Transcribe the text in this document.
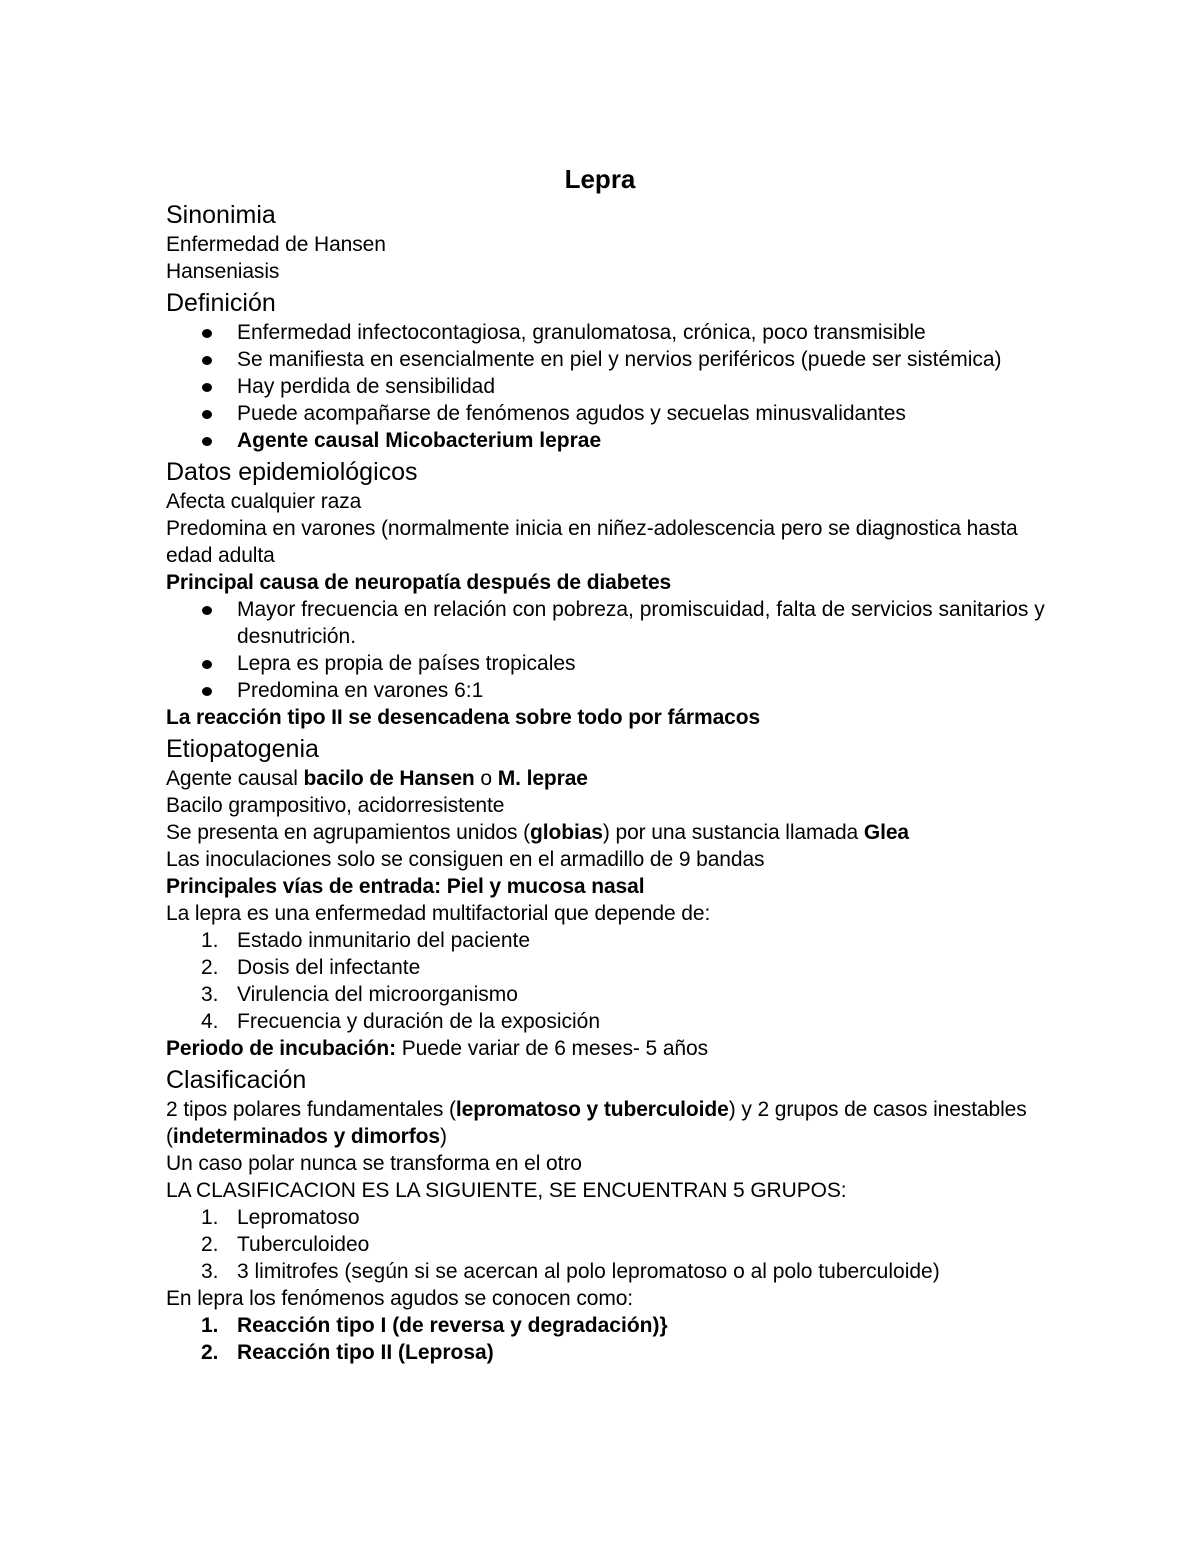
Lepra
Sinonimia
Enfermedad de Hansen
Hanseniasis
Definición
Enfermedad infectocontagiosa, granulomatosa, crónica, poco transmisible
Se manifiesta en esencialmente en piel y nervios periféricos (puede ser sistémica)
Hay perdida de sensibilidad
Puede acompañarse de fenómenos agudos y secuelas minusvalidantes
Agente causal Micobacterium leprae
Datos epidemiológicos
Afecta cualquier raza
Predomina en varones (normalmente inicia en niñez-adolescencia pero se diagnostica hasta edad adulta
Principal causa de neuropatía después de diabetes
Mayor frecuencia en relación con pobreza, promiscuidad, falta de servicios sanitarios y desnutrición.
Lepra es propia de países tropicales
Predomina en varones 6:1
La reacción tipo II se desencadena sobre todo por fármacos
Etiopatogenia
Agente causal bacilo de Hansen o M. leprae
Bacilo grampositivo, acidorresistente
Se presenta en agrupamientos unidos (globias) por una sustancia llamada Glea
Las inoculaciones solo se consiguen en el armadillo de 9 bandas
Principales vías de entrada: Piel y mucosa nasal
La lepra es una enfermedad multifactorial que depende de:
1. Estado inmunitario del paciente
2. Dosis del infectante
3. Virulencia del microorganismo
4. Frecuencia y duración de la exposición
Periodo de incubación: Puede variar de 6 meses- 5 años
Clasificación
2 tipos polares fundamentales (lepromatoso y tuberculoide) y 2 grupos de casos inestables (indeterminados y dimorfos)
Un caso polar nunca se transforma en el otro
LA CLASIFICACION ES LA SIGUIENTE, SE ENCUENTRAN 5 GRUPOS:
1. Lepromatoso
2. Tuberculoideo
3. 3 limitrofes (según si se acercan al polo lepromatoso o al polo tuberculoide)
En lepra los fenómenos agudos se conocen como:
1. Reacción tipo I (de reversa y degradación)}
2. Reacción tipo II (Leprosa)
